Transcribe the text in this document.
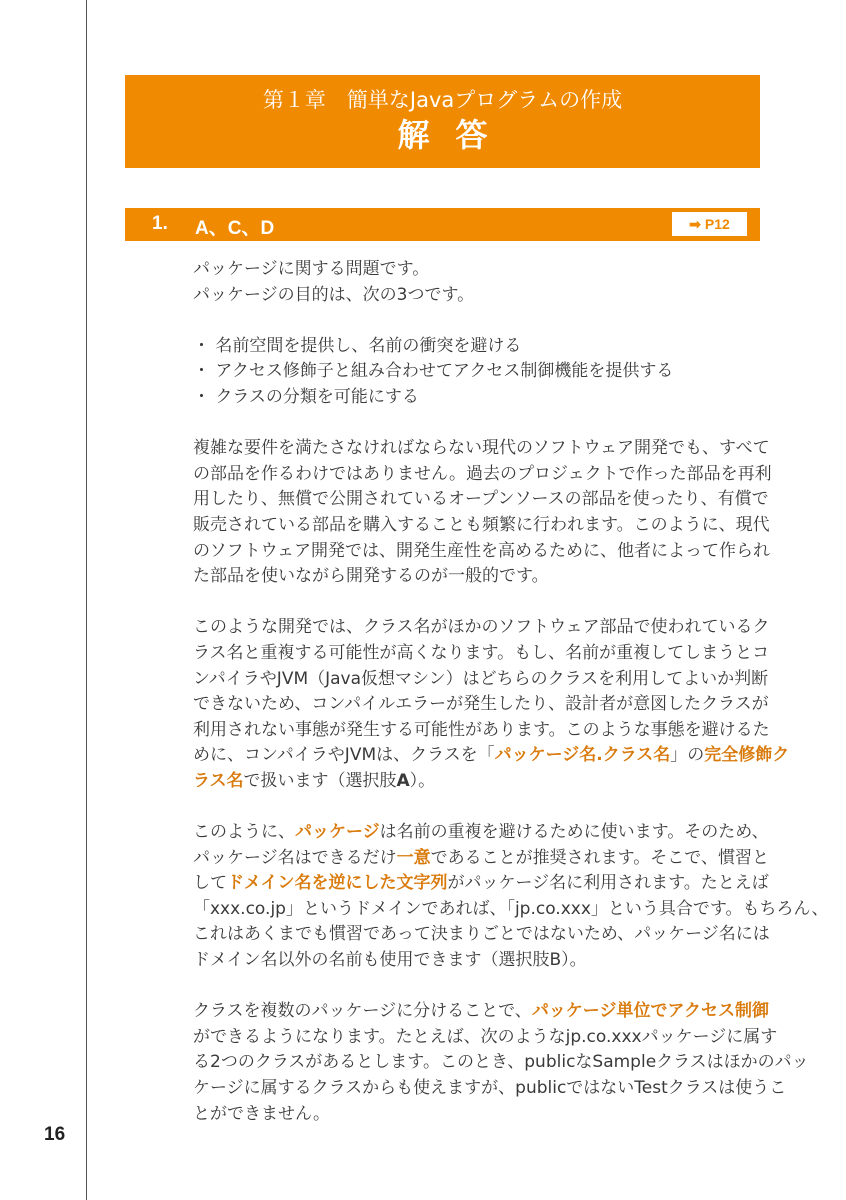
16
第１章　簡単なJavaプログラムの作成
解答
1. A、C、D	➡ P12
パッケージに関する問題です。
パッケージの目的は、次の3つです。
・ 名前空間を提供し、名前の衝突を避ける
・ アクセス修飾子と組み合わせてアクセス制御機能を提供する
・ クラスの分類を可能にする
複雑な要件を満たさなければならない現代のソフトウェア開発でも、すべて
の部品を作るわけではありません。過去のプロジェクトで作った部品を再利
用したり、無償で公開されているオープンソースの部品を使ったり、有償で
販売されている部品を購入することも頻繁に行われます。このように、現代
のソフトウェア開発では、開発生産性を高めるために、他者によって作られ
た部品を使いながら開発するのが一般的です。
このような開発では、クラス名がほかのソフトウェア部品で使われているク
ラス名と重複する可能性が高くなります。もし、名前が重複してしまうとコ
ンパイラやJVM（Java仮想マシン）はどちらのクラスを利用してよいか判断
できないため、コンパイルエラーが発生したり、設計者が意図したクラスが
利用されない事態が発生する可能性があります。このような事態を避けるた
めに、コンパイラやJVMは、クラスを「パッケージ名.クラス名」の完全修飾ク
ラス名で扱います（選択肢A）。
このように、パッケージは名前の重複を避けるために使います。そのため、
パッケージ名はできるだけ一意であることが推奨されます。そこで、慣習と
してドメイン名を逆にした文字列がパッケージ名に利用されます。たとえば
「xxx.co.jp」というドメインであれば、「jp.co.xxx」という具合です。もちろん、
これはあくまでも慣習であって決まりごとではないため、パッケージ名には
ドメイン名以外の名前も使用できます（選択肢B）。
クラスを複数のパッケージに分けることで、パッケージ単位でアクセス制御
ができるようになります。たとえば、次のようなjp.co.xxxパッケージに属す
る2つのクラスがあるとします。このとき、publicなSampleクラスはほかのパッ
ケージに属するクラスからも使えますが、publicではないTestクラスは使うこ
とができません。
